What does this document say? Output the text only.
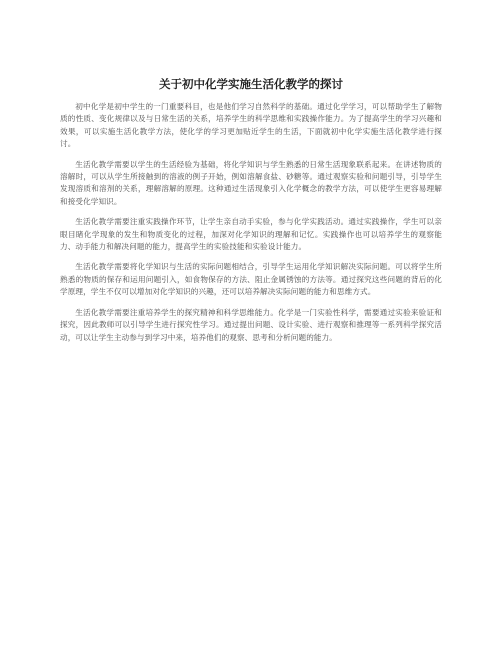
关于初中化学实施生活化教学的探讨

初中化学是初中学生的一门重要科目，也是他们学习自然科学的基础。通过化学学习，可以帮助学生了解物质的性质、变化规律以及与日常生活的关系，培养学生的科学思维和实践操作能力。为了提高学生的学习兴趣和效果，可以实施生活化教学方法，使化学的学习更加贴近学生的生活，下面就初中化学实施生活化教学进行探讨。

生活化教学需要以学生的生活经验为基础，将化学知识与学生熟悉的日常生活现象联系起来。在讲述物质的溶解时，可以从学生所接触到的溶液的例子开始，例如溶解食盐、砂糖等。通过观察实验和问题引导，引导学生发现溶质和溶剂的关系，理解溶解的原理。这种通过生活现象引入化学概念的教学方法，可以使学生更容易理解和接受化学知识。

生活化教学需要注重实践操作环节，让学生亲自动手实验，参与化学实践活动。通过实践操作，学生可以亲眼目睹化学现象的发生和物质变化的过程，加深对化学知识的理解和记忆。实践操作也可以培养学生的观察能力、动手能力和解决问题的能力，提高学生的实验技能和实验设计能力。

生活化教学需要将化学知识与生活的实际问题相结合，引导学生运用化学知识解决实际问题。可以将学生所熟悉的物质的保存和运用问题引入，如食物保存的方法、阻止金属锈蚀的方法等。通过探究这些问题的背后的化学原理，学生不仅可以增加对化学知识的兴趣，还可以培养解决实际问题的能力和思维方式。

生活化教学需要注重培养学生的探究精神和科学思维能力。化学是一门实验性科学，需要通过实验来验证和探究，因此教师可以引导学生进行探究性学习。通过提出问题、设计实验、进行观察和推理等一系列科学探究活动，可以让学生主动参与到学习中来，培养他们的观察、思考和分析问题的能力。
